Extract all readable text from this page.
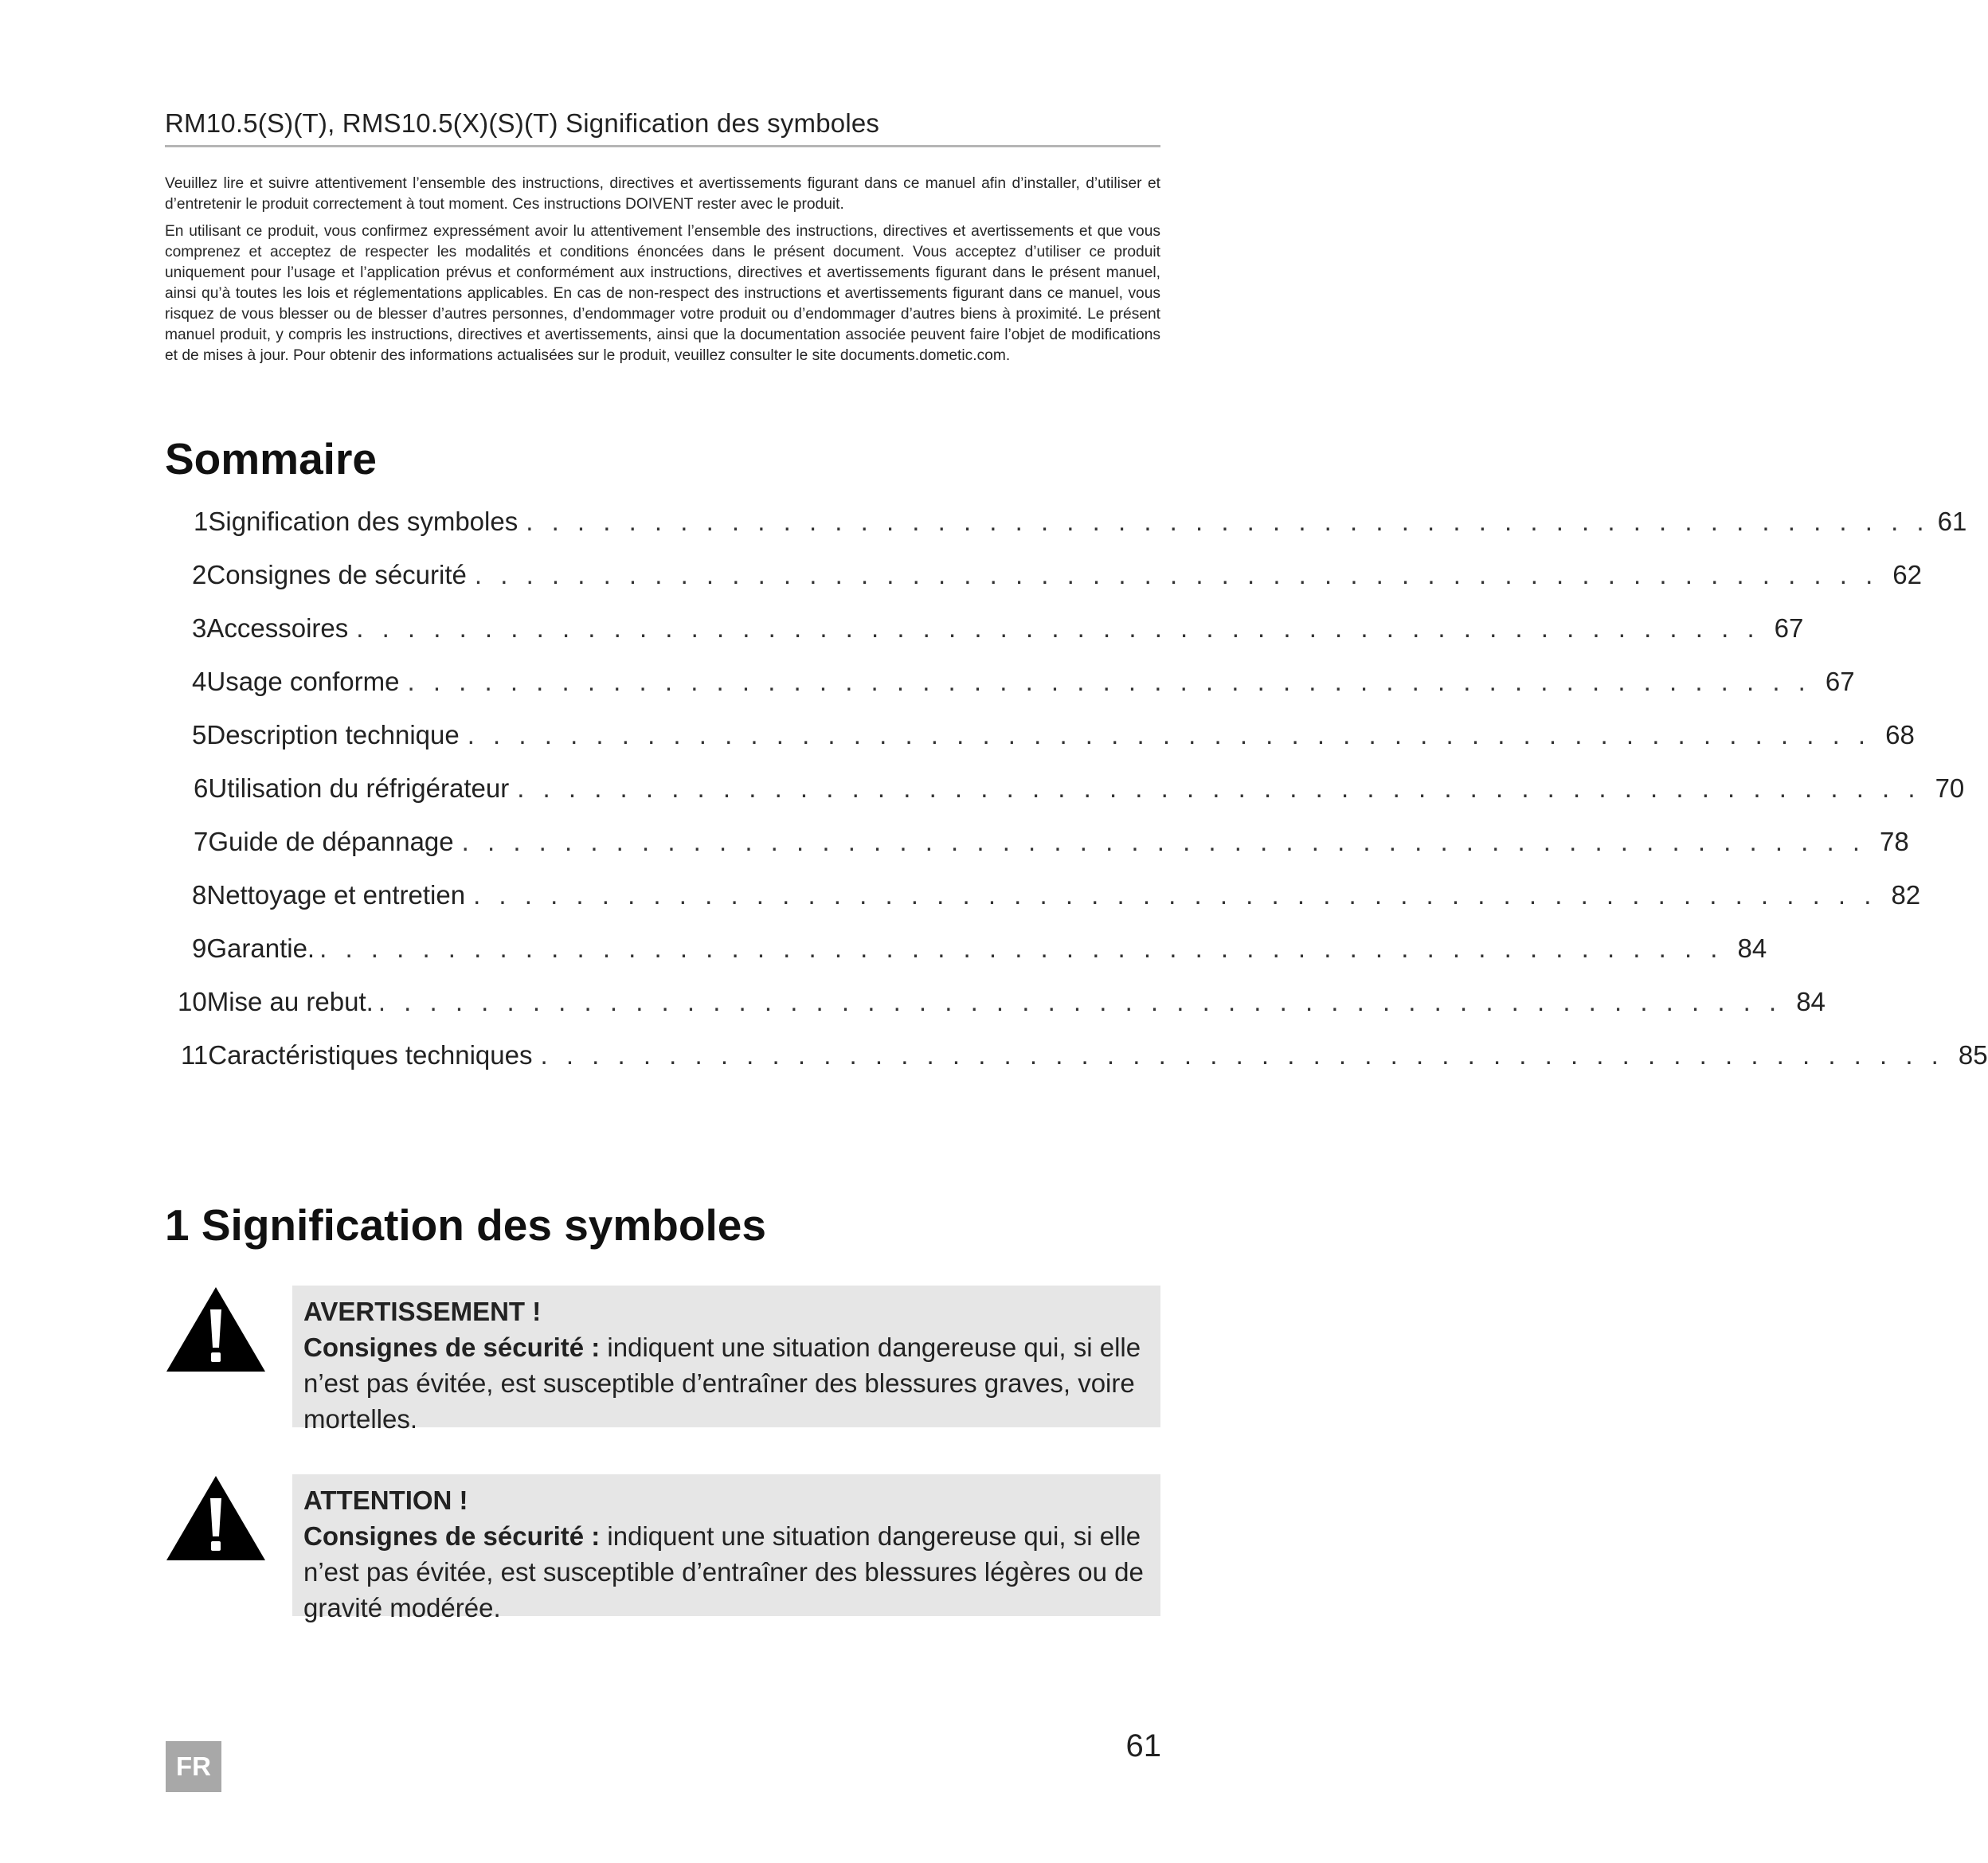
RM10.5(S)(T), RMS10.5(X)(S)(T) Signification des symboles

Veuillez lire et suivre attentivement l’ensemble des instructions, directives et avertissements figurant dans ce manuel afin d’installer, d’utiliser et d’entretenir le produit correctement à tout moment. Ces instructions DOIVENT rester avec le produit.

En utilisant ce produit, vous confirmez expressément avoir lu attentivement l’ensemble des instructions, directives et avertissements et que vous comprenez et acceptez de respecter les modalités et conditions énoncées dans le présent document. Vous acceptez d’utiliser ce produit uniquement pour l’usage et l’application prévus et conformément aux instructions, directives et avertissements figurant dans le présent manuel, ainsi qu’à toutes les lois et réglementations applicables. En cas de non-respect des instructions et avertissements figurant dans ce manuel, vous risquez de vous blesser ou de blesser d’autres personnes, d’endommager votre produit ou d’endommager d’autres biens à proximité. Le présent manuel produit, y compris les instructions, directives et avertissements, ainsi que la documentation associée peuvent faire l’objet de modifications et de mises à jour. Pour obtenir des informations actualisées sur le produit, veuillez consulter le site documents.dometic.com.

Sommaire
1 Signification des symboles . . . . . . . . . . . . . . . . . . . . . . . . . . . . . . . . . . . . . . . . . . . . . . . . . . . . . . . 61
2 Consignes de sécurité . . . . . . . . . . . . . . . . . . . . . . . . . . . . . . . . . . . . . . . . . . . . . . . . . . . . . . . 62
3 Accessoires . . . . . . . . . . . . . . . . . . . . . . . . . . . . . . . . . . . . . . . . . . . . . . . . . . . . . . . 67
4 Usage conforme . . . . . . . . . . . . . . . . . . . . . . . . . . . . . . . . . . . . . . . . . . . . . . . . . . . . . . . 67
5 Description technique . . . . . . . . . . . . . . . . . . . . . . . . . . . . . . . . . . . . . . . . . . . . . . . . . . . . . . . 68
6 Utilisation du réfrigérateur . . . . . . . . . . . . . . . . . . . . . . . . . . . . . . . . . . . . . . . . . . . . . . . . . . . . . . . 70
7 Guide de dépannage . . . . . . . . . . . . . . . . . . . . . . . . . . . . . . . . . . . . . . . . . . . . . . . . . . . . . . . 78
8 Nettoyage et entretien . . . . . . . . . . . . . . . . . . . . . . . . . . . . . . . . . . . . . . . . . . . . . . . . . . . . . . . 82
9 Garantie. . . . . . . . . . . . . . . . . . . . . . . . . . . . . . . . . . . . . . . . . . . . . . . . . . . . . . . . 84
10 Mise au rebut. . . . . . . . . . . . . . . . . . . . . . . . . . . . . . . . . . . . . . . . . . . . . . . . . . . . . . . . 84
11 Caractéristiques techniques . . . . . . . . . . . . . . . . . . . . . . . . . . . . . . . . . . . . . . . . . . . . . . . . . . . . . . . 85
1 Signification des symboles
AVERTISSEMENT !
Consignes de sécurité : indiquent une situation dangereuse qui, si elle n’est pas évitée, est susceptible d’entraîner des blessures graves, voire mortelles.
ATTENTION !
Consignes de sécurité : indiquent une situation dangereuse qui, si elle n’est pas évitée, est susceptible d’entraîner des blessures légères ou de gravité modérée.
FR
61
